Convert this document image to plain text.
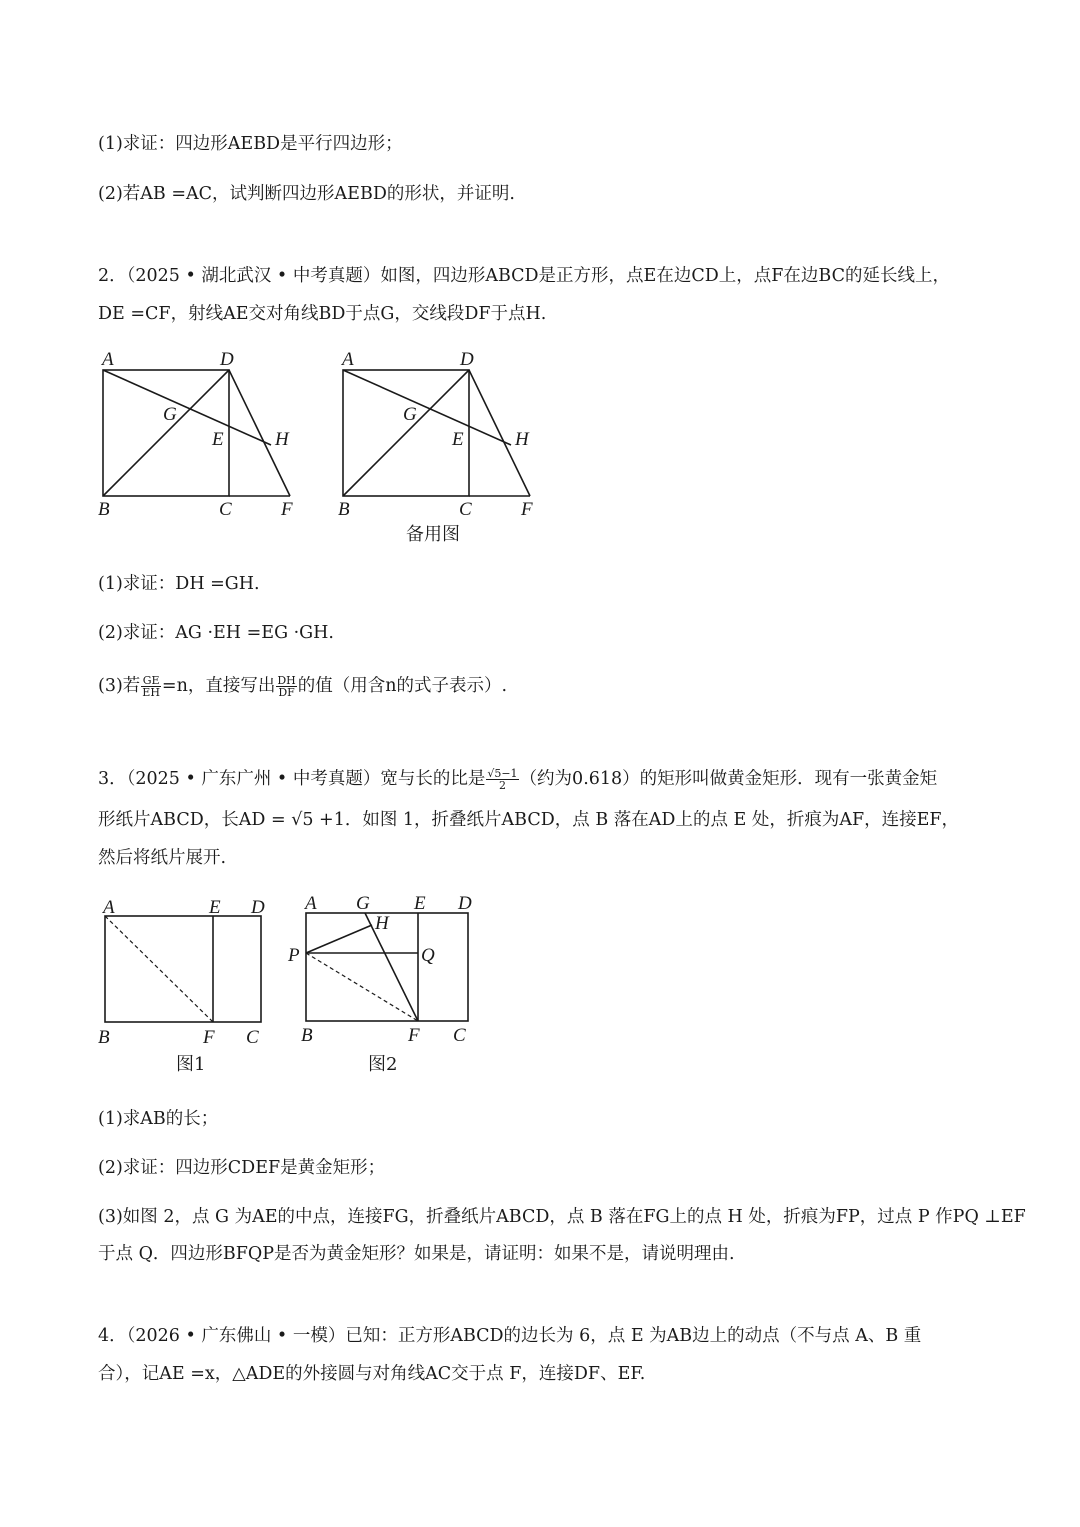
(1)求证：四边形AEBD是平行四边形；
(2)若AB =AC，试判断四边形AEBD的形状，并证明.
2．（2025 • 湖北武汉 • 中考真题）如图，四边形ABCD是正方形，点E在边CD上，点F在边BC的延长线上，
DE =CF，射线AE交对角线BD于点G，交线段DF于点H.
A	D
G
E	H
B	C	F
A	D
G
E	H
B	C	F
备用图
(1)求证：DH =GH.
(2)求证：AG ·EH =EG ·GH.
(3)若 $\frac{GE}{EH} =n$，直接写出 $\frac{DH}{DF}$ 的值（用含n的式子表示）.
3．（2025 • 广东广州 • 中考真题）宽与长的比是 $\frac{√5-1}{2}$ （约为0.618）的矩形叫做黄金矩形．现有一张黄金矩
形纸片ABCD，长AD = √5 +1．如图 1，折叠纸片ABCD，点 B 落在AD上的点 E 处，折痕为AF，连接EF，
然后将纸片展开.
A	E D
B	F C
图1
A G
H
E D
P	Q
B	F C
图2
(1)求AB的长；
(2)求证：四边形CDEF是黄金矩形；
(3)如图 2，点 G 为AE的中点，连接FG，折叠纸片ABCD，点 B 落在FG上的点 H 处，折痕为FP，过点 P 作PQ ⊥EF
于点 Q．四边形BFQP是否为黄金矩形？如果是，请证明：如果不是，请说明理由.
4．（2026 • 广东佛山 • 一模）已知：正方形ABCD的边长为 6，点 E 为AB边上的动点（不与点 A、B 重
合），记AE =x，△ADE的外接圆与对角线AC交于点 F，连接DF、EF.
